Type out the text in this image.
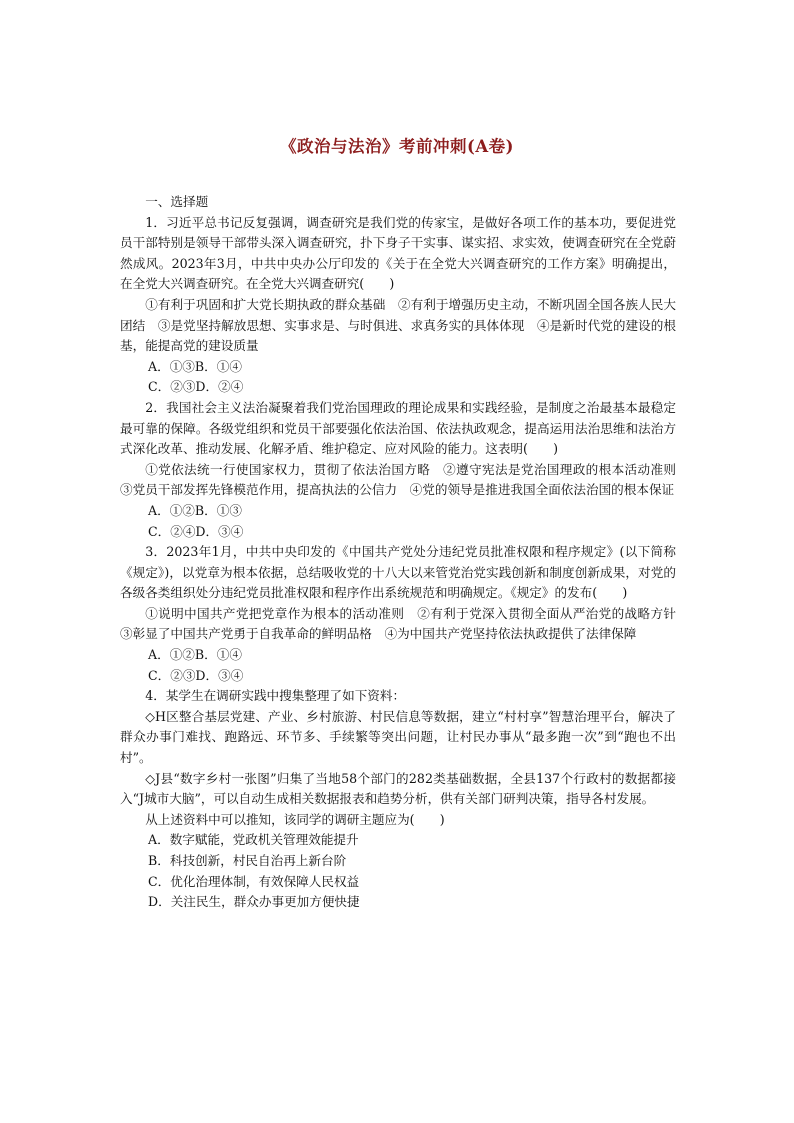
《政治与法治》考前冲刺(A卷)
一、选择题
1．习近平总书记反复强调，调查研究是我们党的传家宝，是做好各项工作的基本功，要促进党员干部特别是领导干部带头深入调查研究，扑下身子干实事、谋实招、求实效，使调查研究在全党蔚然成风。2023年3月，中共中央办公厅印发的《关于在全党大兴调查研究的工作方案》明确提出，在全党大兴调查研究。在全党大兴调查研究(　　)
①有利于巩固和扩大党长期执政的群众基础　②有利于增强历史主动，不断巩固全国各族人民大团结　③是党坚持解放思想、实事求是、与时俱进、求真务实的具体体现　④是新时代党的建设的根基，能提高党的建设质量
A．①③B．①④
C．②③D．②④
2．我国社会主义法治凝聚着我们党治国理政的理论成果和实践经验，是制度之治最基本最稳定最可靠的保障。各级党组织和党员干部要强化依法治国、依法执政观念，提高运用法治思维和法治方式深化改革、推动发展、化解矛盾、维护稳定、应对风险的能力。这表明(　　)
①党依法统一行使国家权力，贯彻了依法治国方略　②遵守宪法是党治国理政的根本活动准则　③党员干部发挥先锋模范作用，提高执法的公信力　④党的领导是推进我国全面依法治国的根本保证
A．①②B．①③
C．②④D．③④
3．2023年1月，中共中央印发的《中国共产党处分违纪党员批准权限和程序规定》(以下简称《规定》)，以党章为根本依据，总结吸收党的十八大以来管党治党实践创新和制度创新成果，对党的各级各类组织处分违纪党员批准权限和程序作出系统规范和明确规定。《规定》的发布(　　)
①说明中国共产党把党章作为根本的活动准则　②有利于党深入贯彻全面从严治党的战略方针　③彰显了中国共产党勇于自我革命的鲜明品格　④为中国共产党坚持依法执政提供了法律保障
A．①②B．①④
C．②③D．③④
4．某学生在调研实践中搜集整理了如下资料：
◇H区整合基层党建、产业、乡村旅游、村民信息等数据，建立“村村享”智慧治理平台，解决了群众办事门难找、跑路远、环节多、手续繁等突出问题，让村民办事从“最多跑一次”到“跑也不出村”。
◇J县“数字乡村一张图”归集了当地58个部门的282类基础数据，全县137个行政村的数据都接入“J城市大脑”，可以自动生成相关数据报表和趋势分析，供有关部门研判决策，指导各村发展。
从上述资料中可以推知，该同学的调研主题应为(　　)
A．数字赋能，党政机关管理效能提升
B．科技创新，村民自治再上新台阶
C．优化治理体制，有效保障人民权益
D．关注民生，群众办事更加方便快捷
